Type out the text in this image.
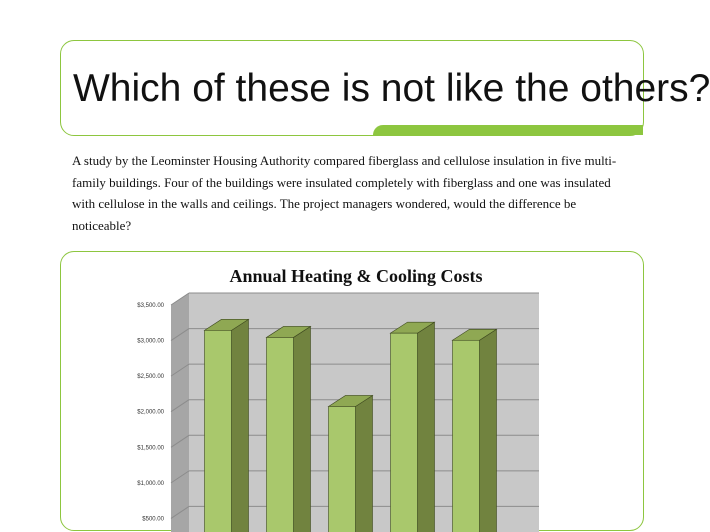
Which of these is not like the others?

A study by the Leominster Housing Authority compared fiberglass and cellulose insulation in five multi-family buildings. Four of the buildings were insulated completely with fiberglass and one was insulated with cellulose in the walls and ceilings. The project managers wondered, would the difference be noticeable?

Annual Heating & Cooling Costs
$500.00
$1,000.00
$1,500.00
$2,000.00
$2,500.00
$3,000.00
$3,500.00
